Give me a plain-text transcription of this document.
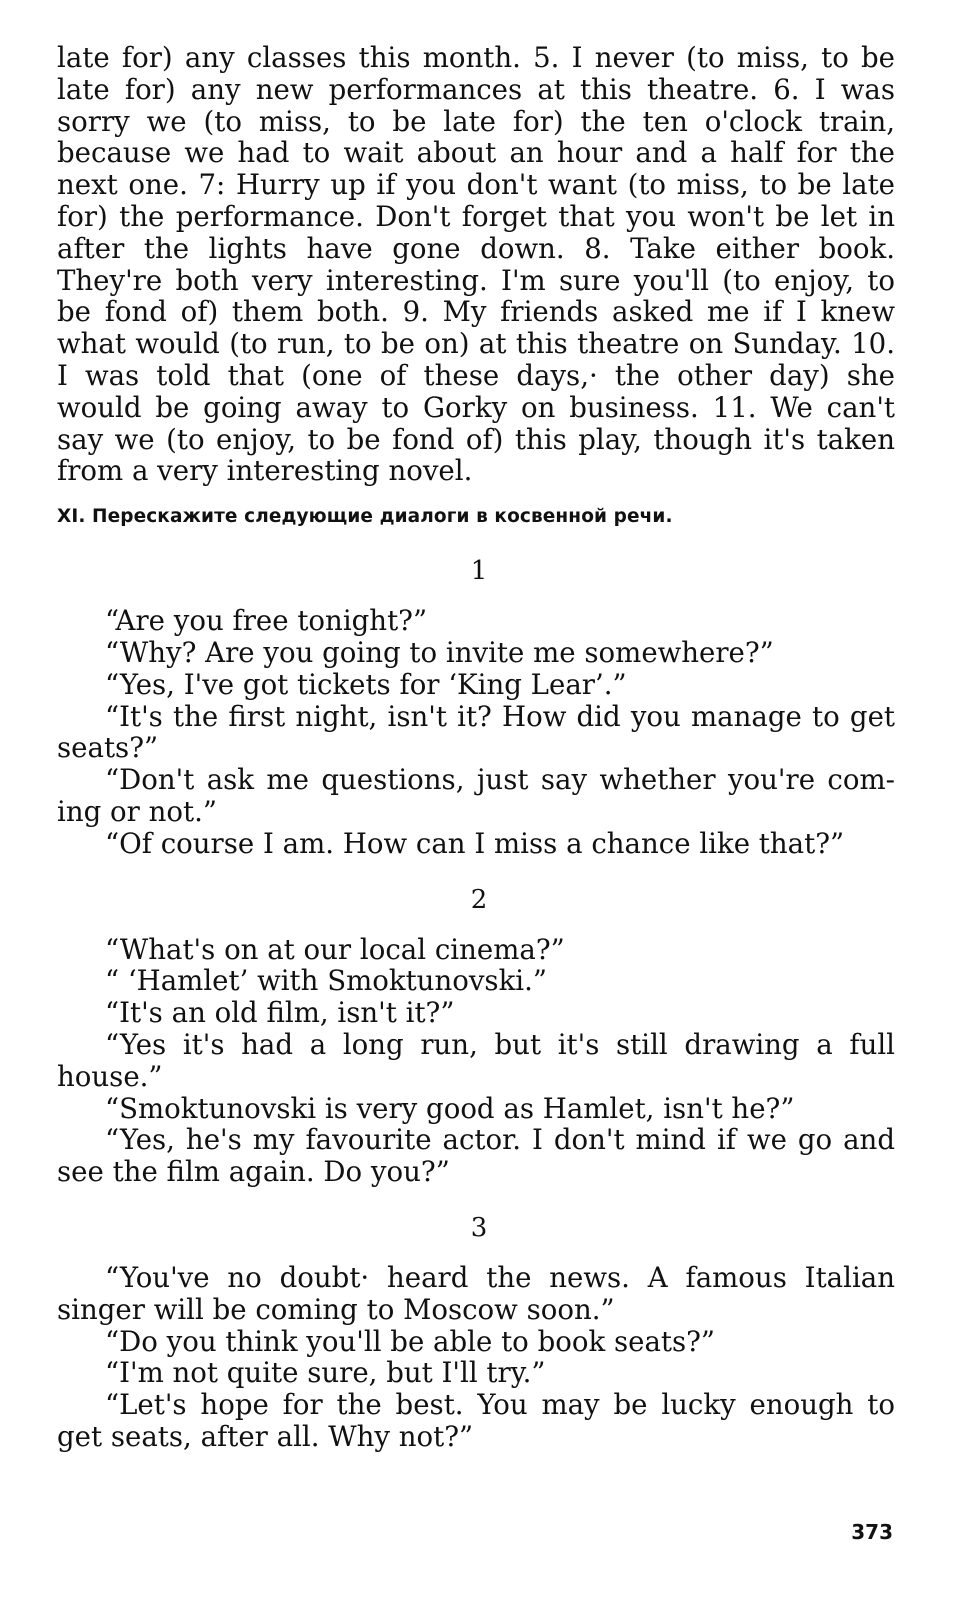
late for) any classes this month. 5. I never (to miss, to be late for) any new performances at this theatre. 6. I was sorry we (to miss, to be late for) the ten o'clock train, because we had to wait about an hour and a half for the next one. 7: Hurry up if you don't want (to miss, to be late for) the performance. Don't forget that you won't be let in after the lights have gone down. 8. Take either book. They're both very interesting. I'm sure you'll (to enjoy, to be fond of) them both. 9. My friends asked me if I knew what would (to run, to be on) at this theatre on Sunday. 10. I was told that (one of these days,· the other day) she would be going away to Gorky on business. 11. We can't say we (to enjoy, to be fond of) this play, though it's taken from a very interesting novel.

XI. Перескажите следующие диалоги в косвенной речи.
1

“Are you free tonight?”

“Why? Are you going to invite me somewhere?”

“Yes, I've got tickets for ‘King Lear’.”

“It's the first night, isn't it? How did you manage to get seats?”

“Don't ask me questions, just say whether you're com-ing or not.”

“Of course I am. How can I miss a chance like that?”

2

“What's on at our local cinema?”

“ ‘Hamlet’ with Smoktunovski.”

“It's an old film, isn't it?”

“Yes it's had a long run, but it's still drawing a full house.”

“Smoktunovski is very good as Hamlet, isn't he?”

“Yes, he's my favourite actor. I don't mind if we go and see the film again. Do you?”

3

“You've no doubt· heard the news. A famous Italian singer will be coming to Moscow soon.”

“Do you think you'll be able to book seats?”

“I'm not quite sure, but I'll try.”

“Let's hope for the best. You may be lucky enough to get seats, after all. Why not?”

373
